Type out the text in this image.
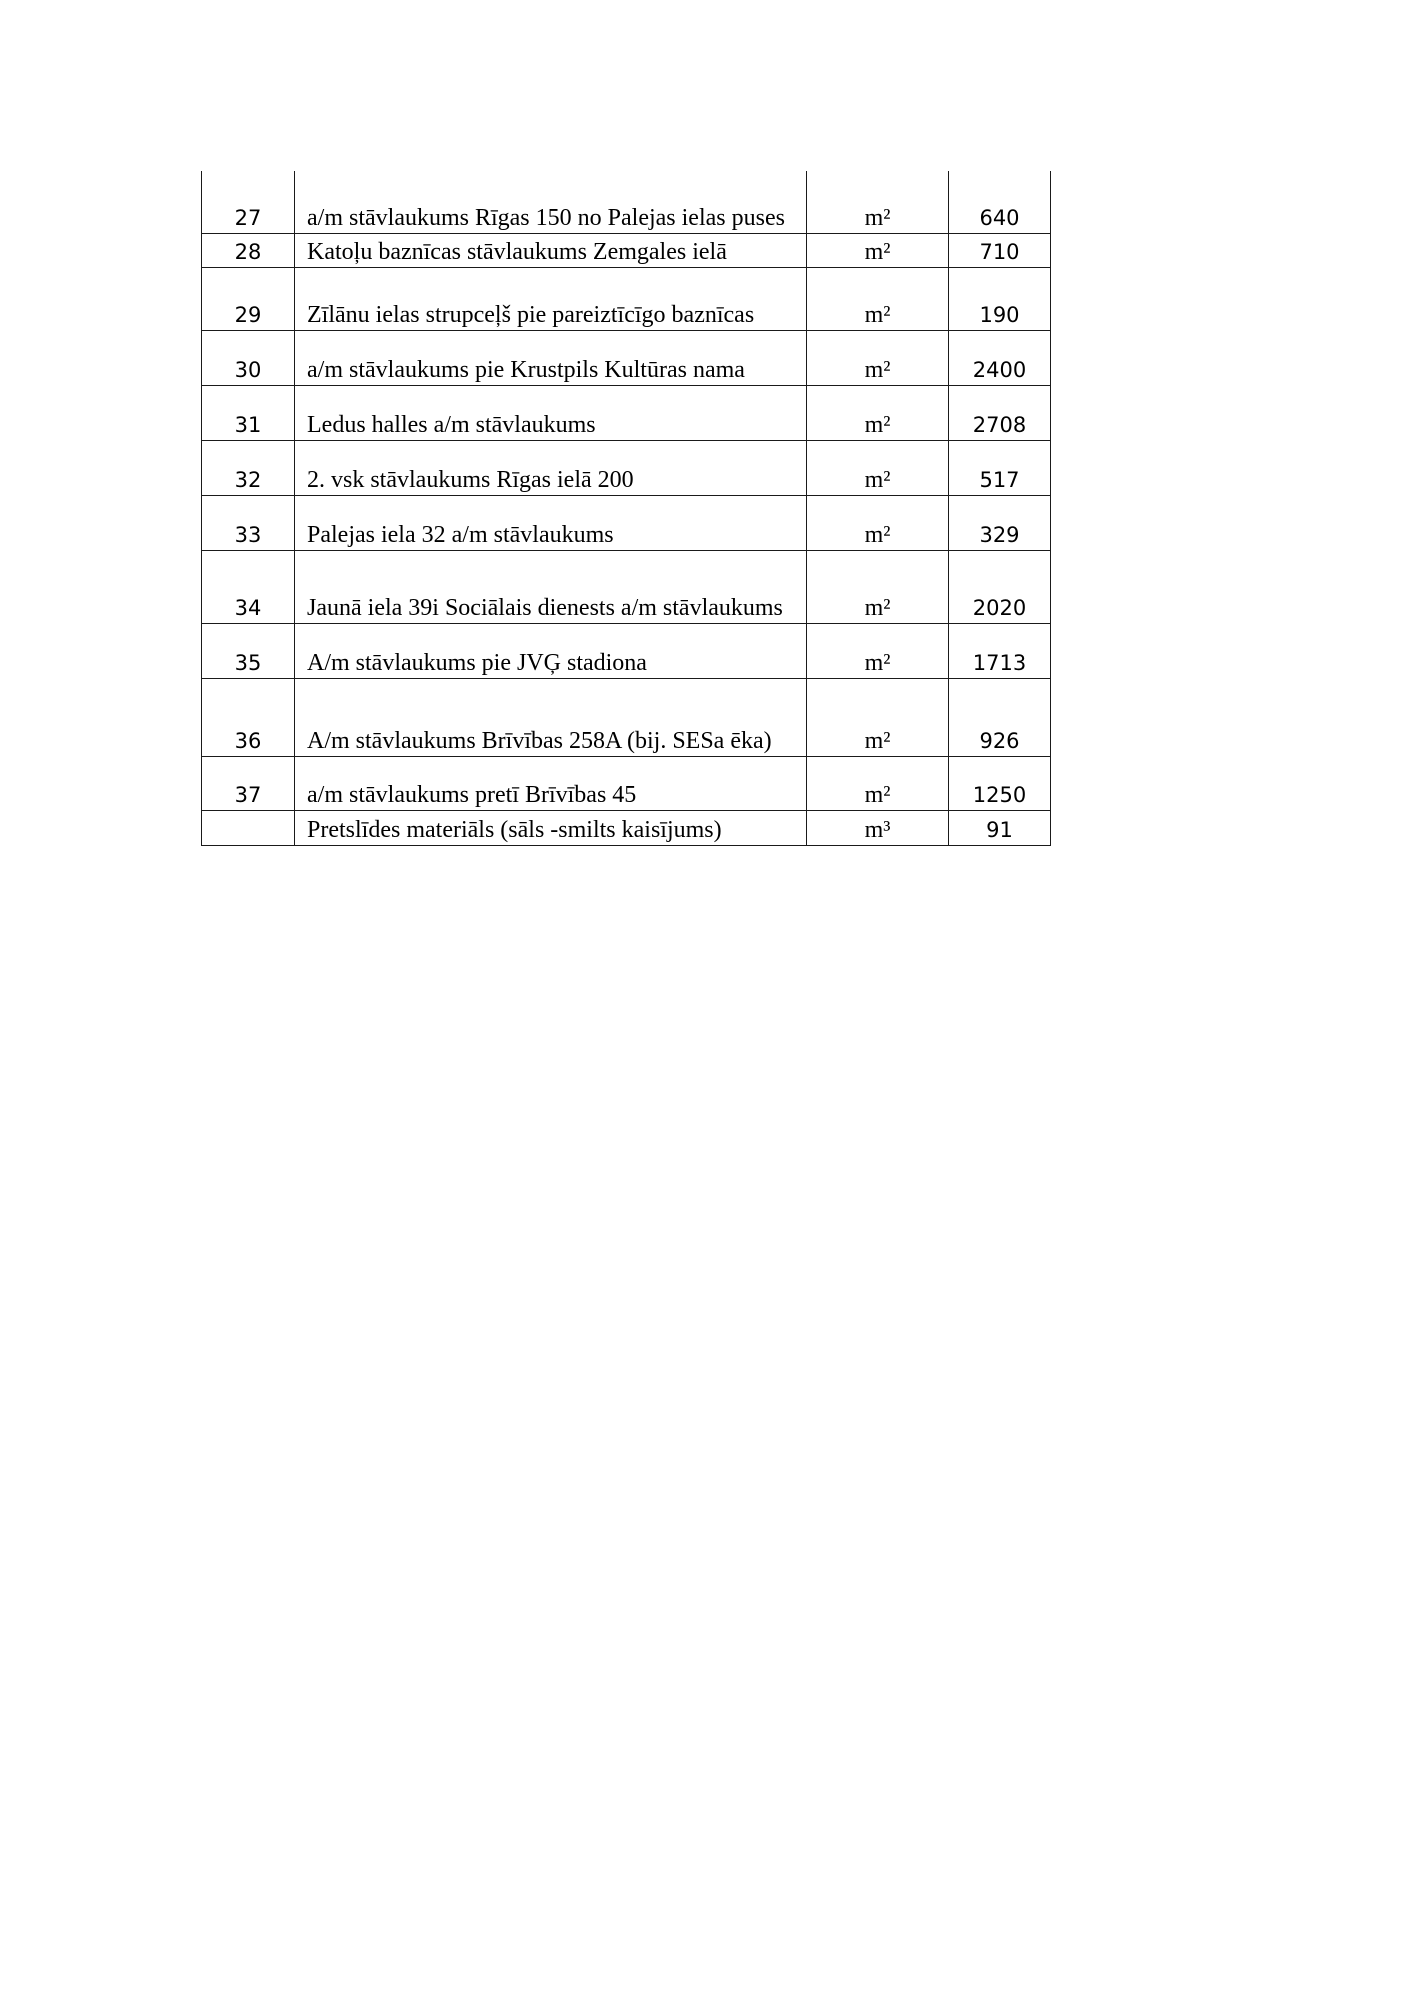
27	a/m stāvlaukums Rīgas 150 no Palejas ielas puses	m²	640
28	Katoļu baznīcas stāvlaukums Zemgales ielā	m²	710
29	Zīlānu ielas strupceļš pie pareiztīcīgo baznīcas	m²	190
30	a/m stāvlaukums pie Krustpils Kultūras nama	m²	2400
31	Ledus halles a/m stāvlaukums	m²	2708
32	2. vsk stāvlaukums Rīgas ielā 200	m²	517
33	Palejas iela 32 a/m stāvlaukums	m²	329
34	Jaunā iela 39i Sociālais dienests a/m stāvlaukums	m²	2020
35	A/m stāvlaukums pie JVĢ stadiona	m²	1713
36	A/m stāvlaukums Brīvības 258A (bij. SESa ēka)	m²	926
37	a/m stāvlaukums pretī Brīvības 45	m²	1250
	Pretslīdes materiāls (sāls -smilts kaisījums)	m³	91
